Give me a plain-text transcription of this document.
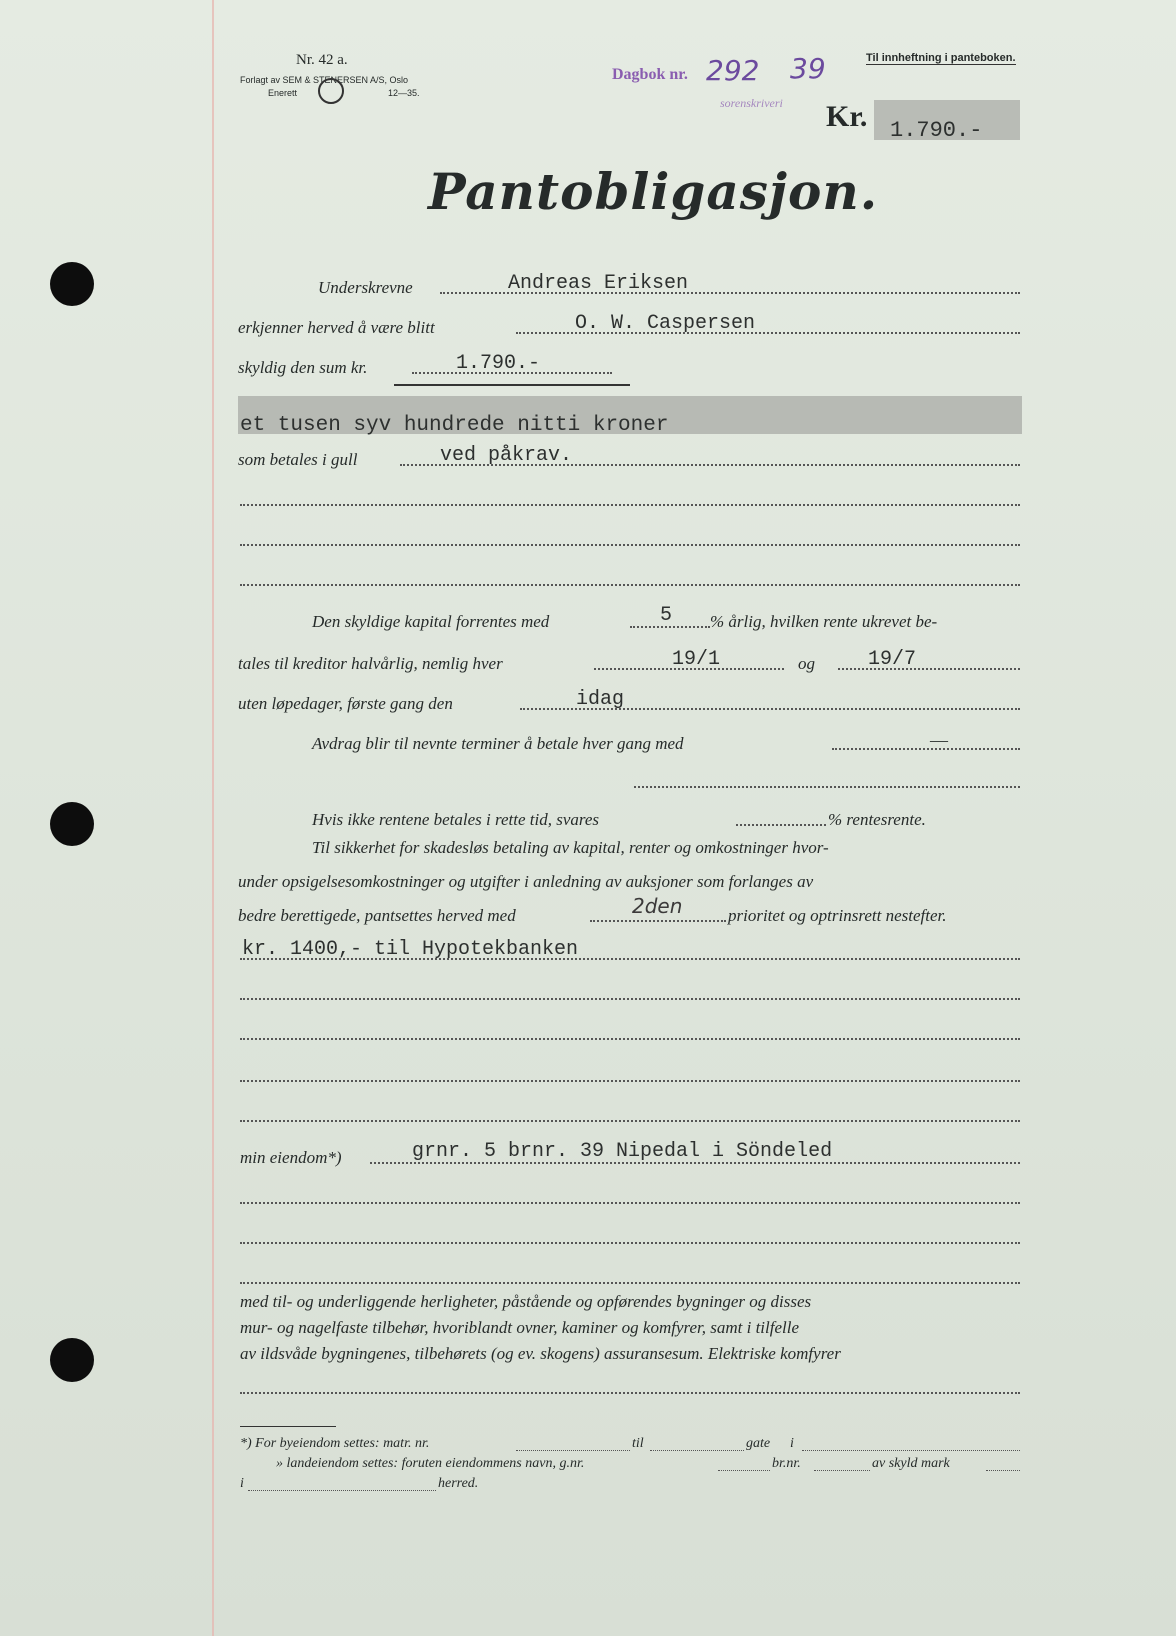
Nr. 42 a.
Forlagt av SEM & STENERSEN A/S, Oslo
Enerett	12—35.
Dagbok nr. 292 39
sorenskriveri
Til innheftning i panteboken.
Kr. 1.790.-
Pantobligasjon.
Underskrevne	Andreas Eriksen
erkjenner herved å være blitt	O. W. Caspersen
skyldig den sum kr.	1.790.-
et tusen syv hundrede nitti kroner
som betales i gull	ved påkrav.
Den skyldige kapital forrentes med	5 % årlig, hvilken rente ukrevet be-
tales til kreditor halvårlig, nemlig hver	19/1	og	19/7
uten løpedager, første gang den	idag
Avdrag blir til nevnte terminer å betale hver gang med	—
Hvis ikke rentene betales i rette tid, svares	% rentesrente.
Til sikkerhet for skadesløs betaling av kapital, renter og omkostninger hvor-
under opsigelsesomkostninger og utgifter i anledning av auksjoner som forlanges av
bedre berettigede, pantsettes herved med	2den	prioritet og optrinsrett nestefter.
kr. 1400,- til Hypotekbanken
min eiendom*)	grnr. 5 brnr. 39 Nipedal i Söndeled
med til- og underliggende herligheter, påstående og opførendes bygninger og disses
mur- og nagelfaste tilbehør, hvoriblandt ovner, kaminer og komfyrer, samt i tilfelle
av ildsvåde bygningenes, tilbehørets (og ev. skogens) assuransesum. Elektriske komfyrer
*) For byeiendom settes: matr. nr.	til	gate i
» landeiendom settes: foruten eiendommens navn, g.nr.	br.nr.	av skyld mark
i	herred.
